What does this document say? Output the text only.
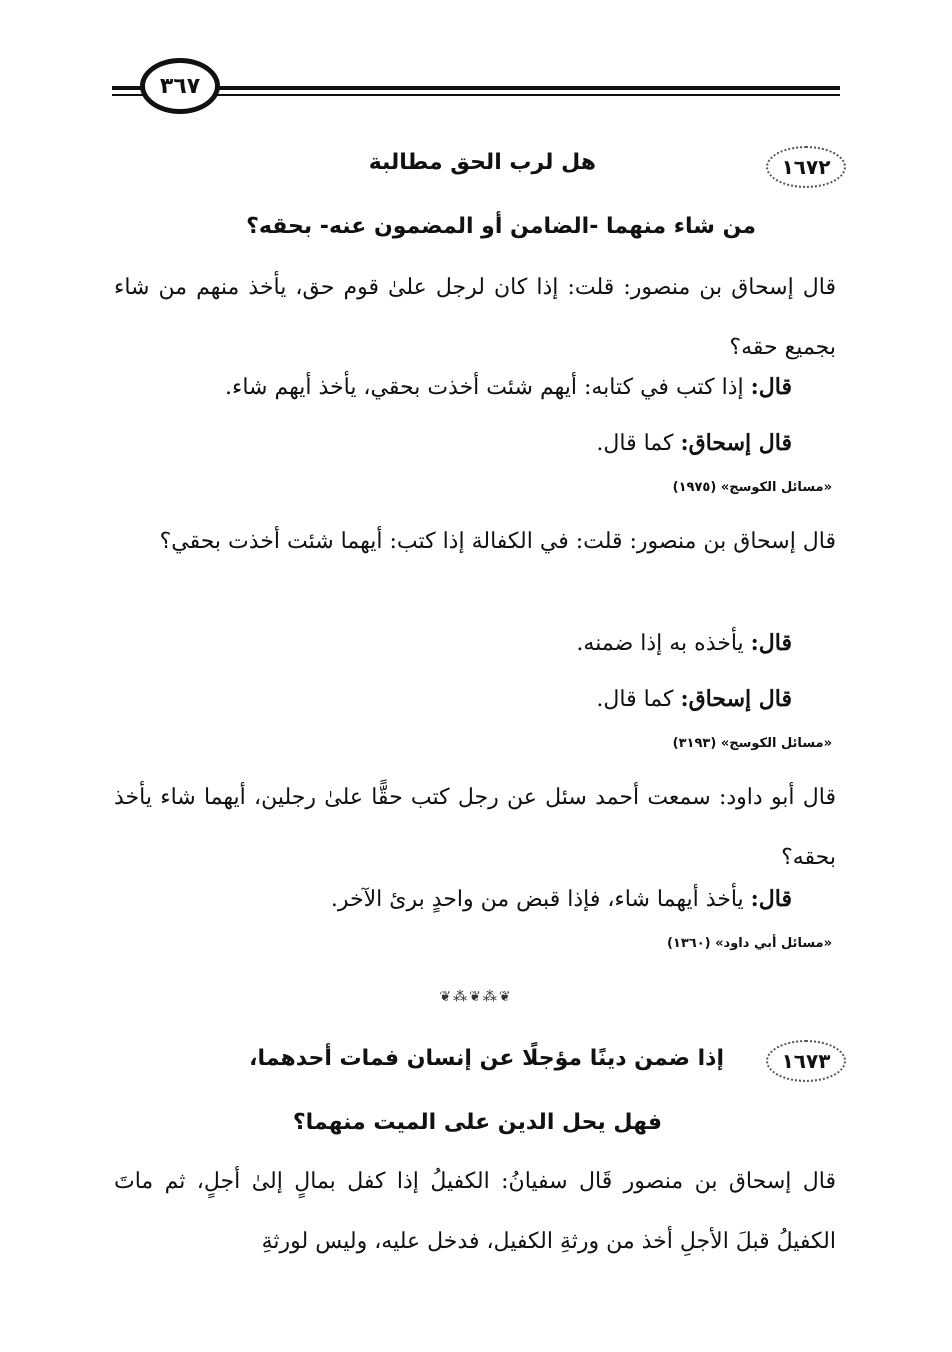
٣٦٧
١٦٧٢
هل لرب الحق مطالبة
من شاء منهما -الضامن أو المضمون عنه- بحقه؟
قال إسحاق بن منصور: قلت: إذا كان لرجل علىٰ قوم حق، يأخذ منهم من شاء بجميع حقه؟
قال: إذا كتب في كتابه: أيهم شئت أخذت بحقي، يأخذ أيهم شاء.
قال إسحاق: كما قال.
«مسائل الكوسج» (١٩٧٥)
قال إسحاق بن منصور: قلت: في الكفالة إذا كتب: أيهما شئت أخذت بحقي؟
قال: يأخذه به إذا ضمنه.
قال إسحاق: كما قال.
«مسائل الكوسج» (٣١٩٣)
قال أبو داود: سمعت أحمد سئل عن رجل كتب حقًّا علىٰ رجلين، أيهما شاء يأخذ بحقه؟
قال: يأخذ أيهما شاء، فإذا قبض من واحدٍ برئ الآخر.
«مسائل أبي داود» (١٣٦٠)
❦⁂❦⁂❦
١٦٧٣
إذا ضمن دينًا مؤجلًا عن إنسان فمات أحدهما،
فهل يحل الدين على الميت منهما؟
قال إسحاق بن منصور قَال سفيانُ: الكفيلُ إذا كفل بمالٍ إلىٰ أجلٍ، ثم ماتَ الكفيلُ قبلَ الأجلِ أخذ من ورثةِ الكفيل، فدخل عليه، وليس لورثةِ
